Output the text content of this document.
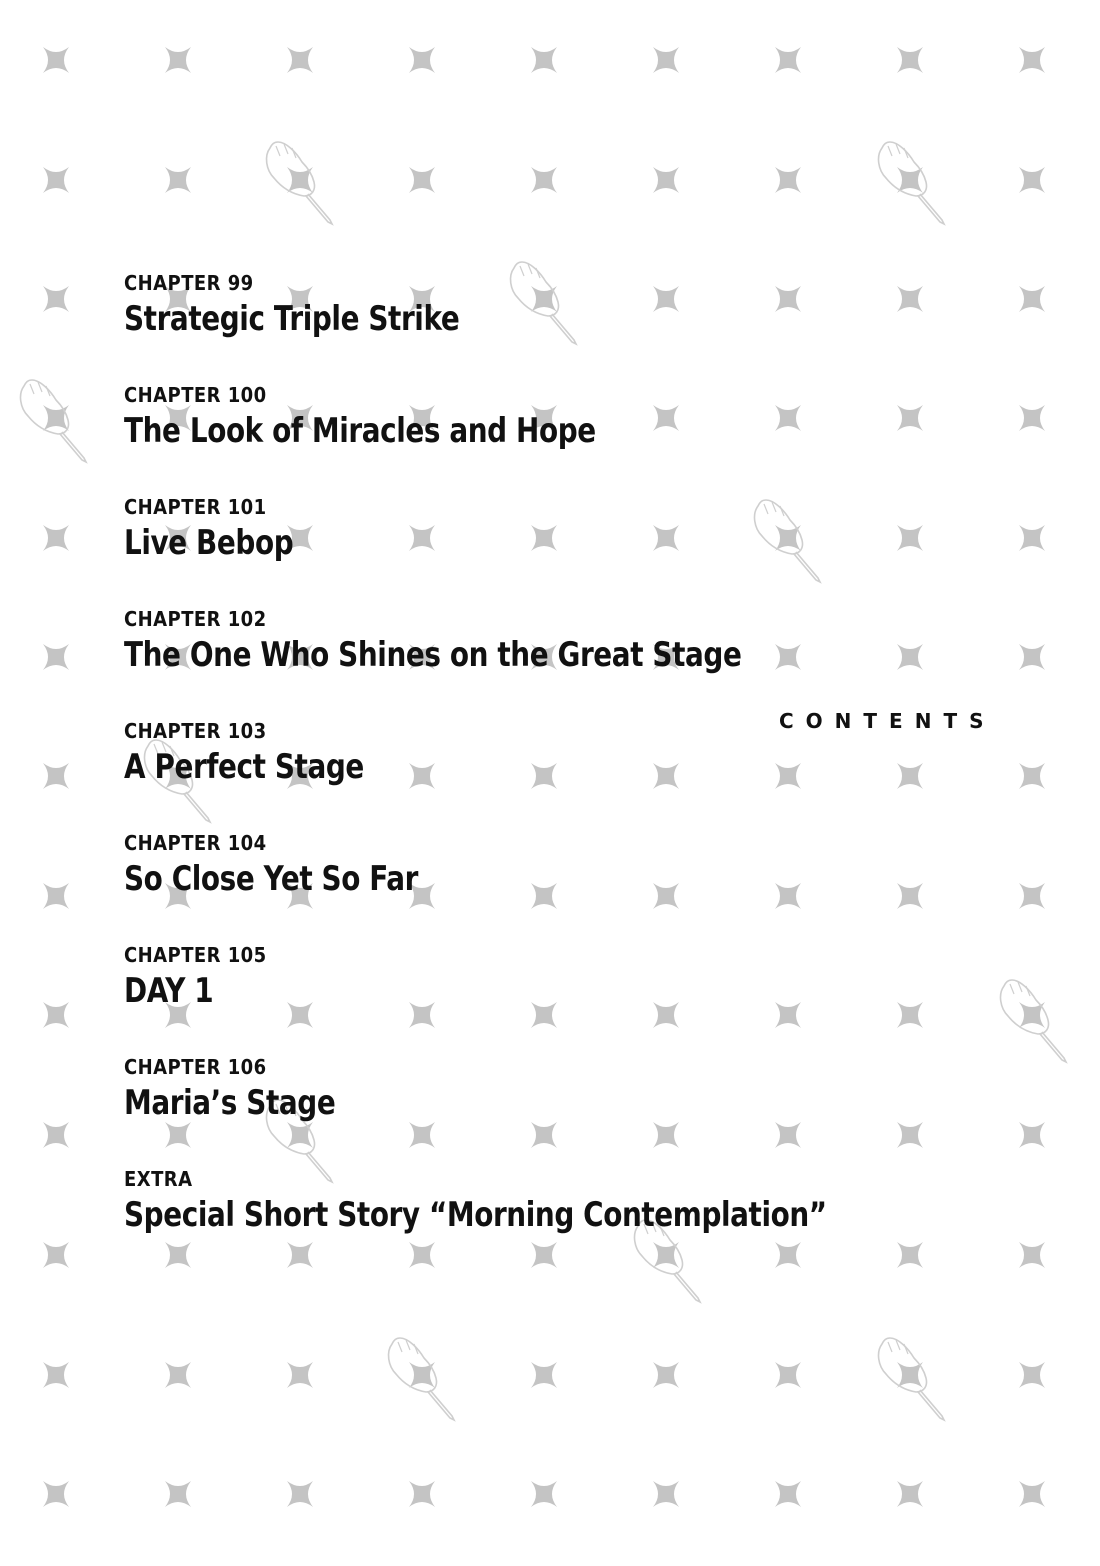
CONTENTS
CHAPTER 99
Strategic Triple Strike
CHAPTER 100
The Look of Miracles and Hope
CHAPTER 101
Live Bebop
CHAPTER 102
The One Who Shines on the Great Stage
CHAPTER 103
A Perfect Stage
CHAPTER 104
So Close Yet So Far
CHAPTER 105
DAY 1
CHAPTER 106
Maria’s Stage
EXTRA
Special Short Story “Morning Contemplation”
